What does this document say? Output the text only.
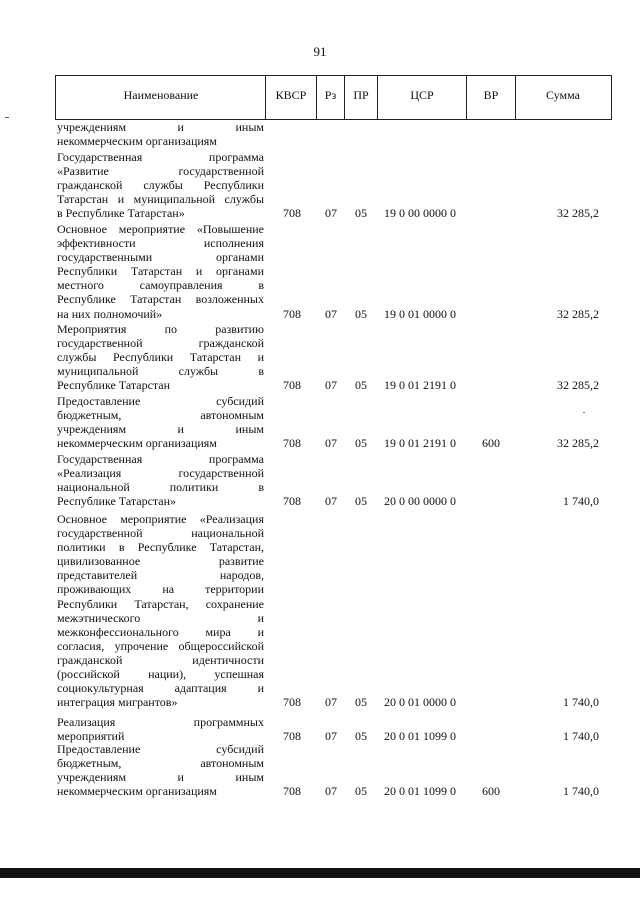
91
Наименование	КВСР	Рз	ПР	ЦСР	ВР	Сумма
учреждениям и иным
некоммерческим организациям
Государственная программа
«Развитие государственной
гражданской службы Республики
Татарстан и муниципальной службы
в Республике Татарстан»	708	07	05	19 0 00 0000 0	32 285,2
Основное мероприятие «Повышение
эффективности исполнения
государственными органами
Республики Татарстан и органами
местного самоуправления в
Республике Татарстан возложенных
на них полномочий»	708	07	05	19 0 01 0000 0	32 285,2
Мероприятия по развитию
государственной гражданской
службы Республики Татарстан и
муниципальной службы в
Республике Татарстан	708	07	05	19 0 01 2191 0	32 285,2
Предоставление субсидий
бюджетным, автономным
учреждениям и иным
некоммерческим организациям	708	07	05	19 0 01 2191 0	600	32 285,2
Государственная программа
«Реализация государственной
национальной политики в
Республике Татарстан»	708	07	05	20 0 00 0000 0	1 740,0
Основное мероприятие «Реализация
государственной национальной
политики в Республике Татарстан,
цивилизованное развитие
представителей народов,
проживающих на территории
Республики Татарстан, сохранение
межэтнического и
межконфессионального мира и
согласия, упрочение общероссийской
гражданской идентичности
(российской нации), успешная
социокультурная адаптация и
интеграция мигрантов»	708	07	05	20 0 01 0000 0	1 740,0
Реализация программных
мероприятий	708	07	05	20 0 01 1099 0	1 740,0
Предоставление субсидий
бюджетным, автономным
учреждениям и иным
некоммерческим организациям	708	07	05	20 0 01 1099 0	600	1 740,0
